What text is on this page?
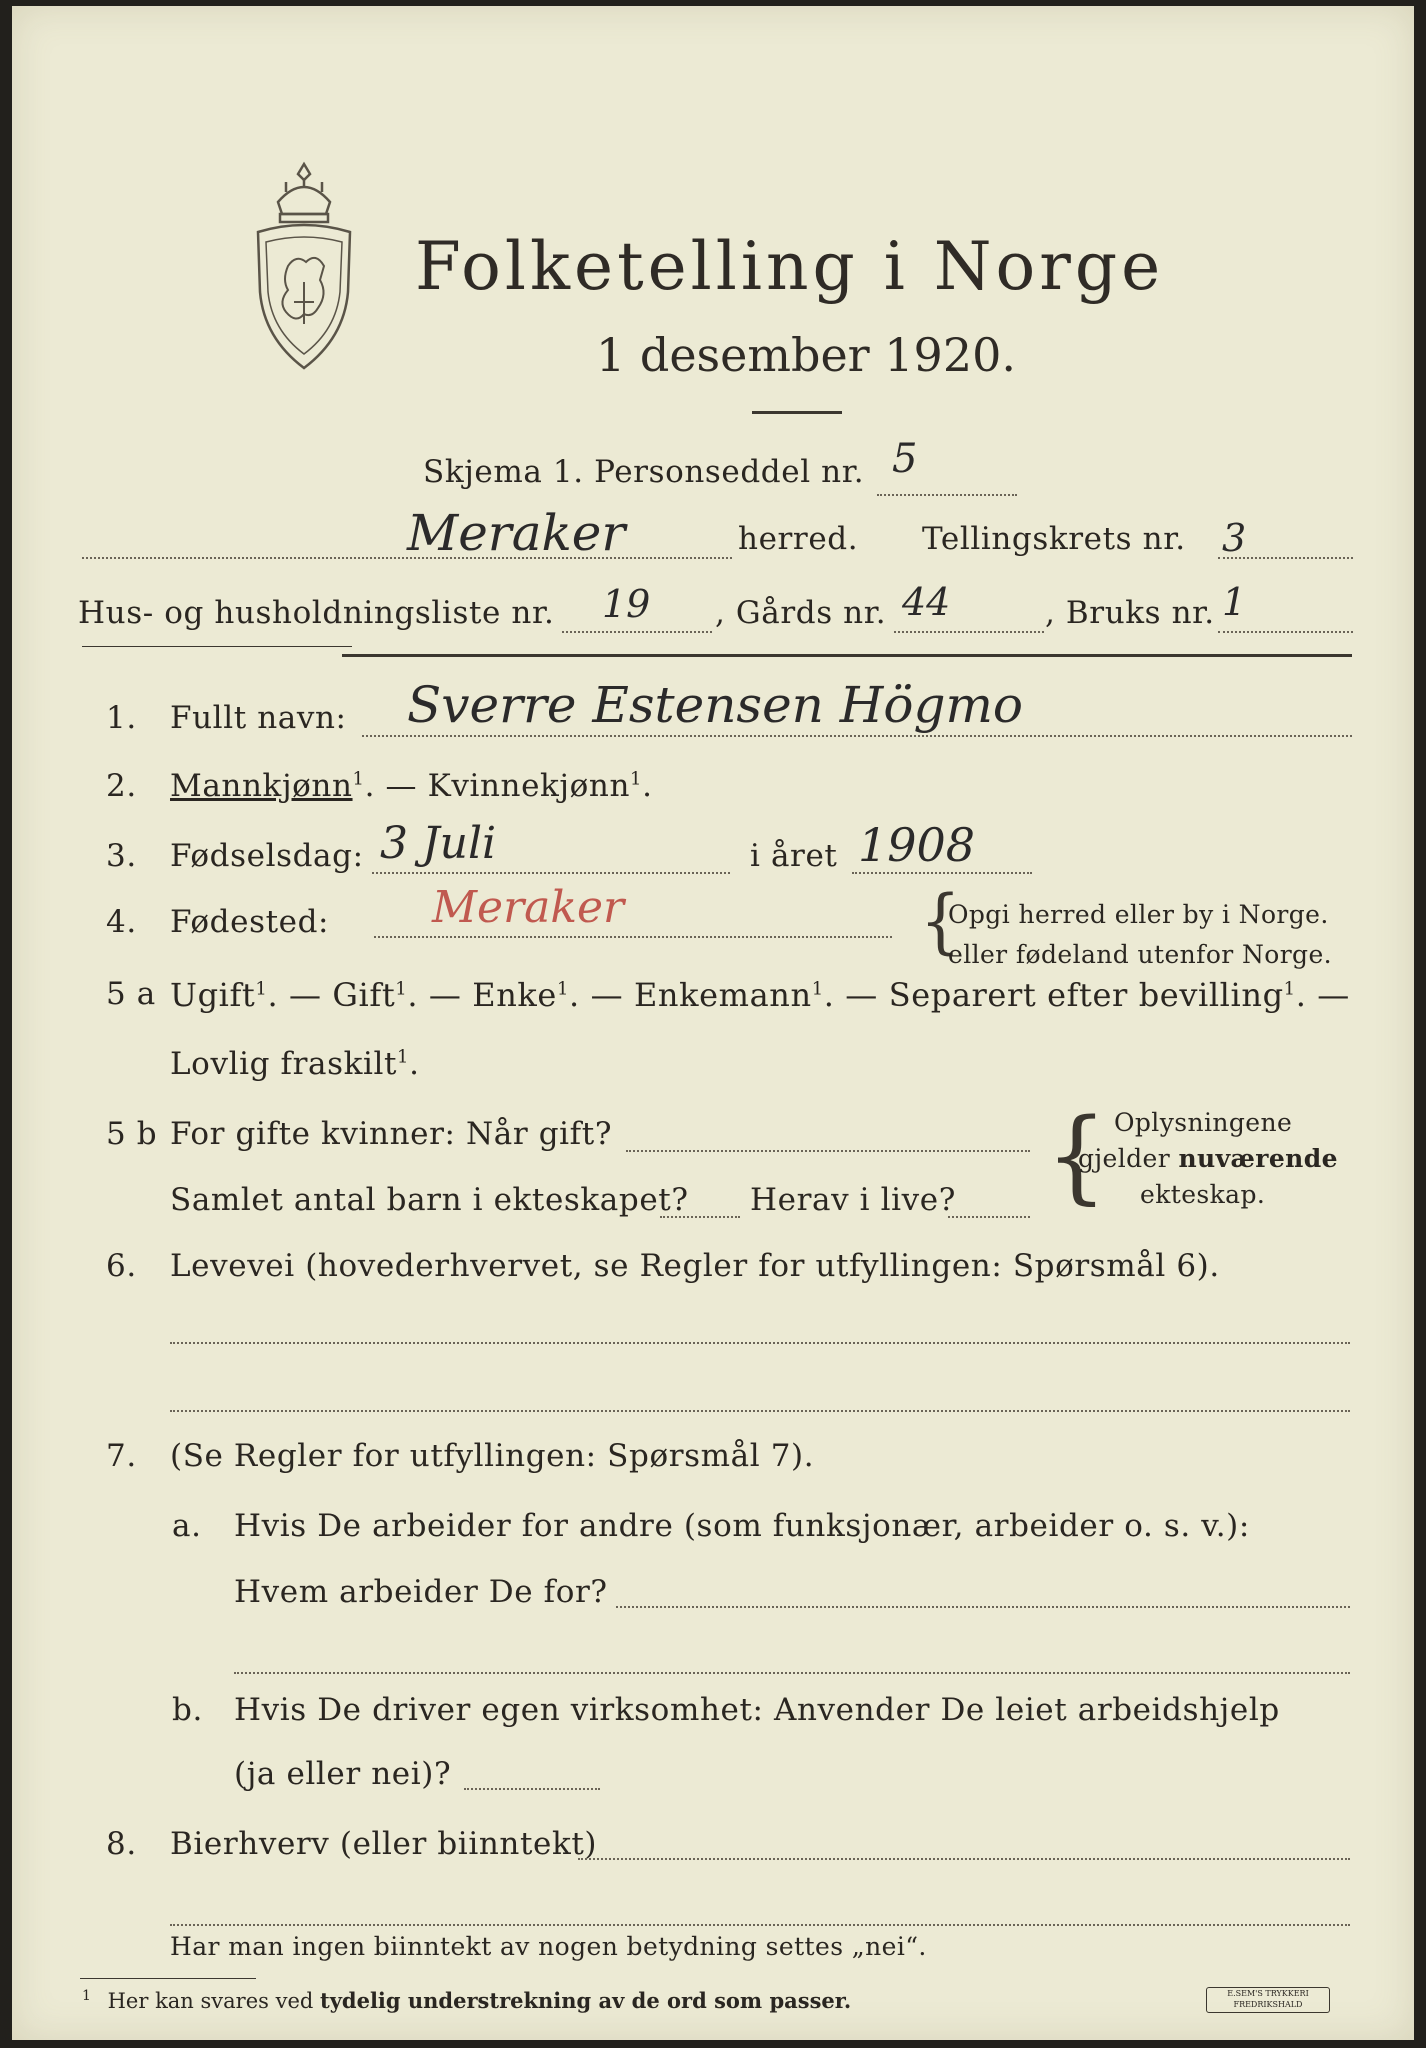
Folketelling i Norge
1 desember 1920.
Skjema 1. Personseddel nr. 5
Meraker	herred. Tellingskrets nr. 3
Hus- og husholdningsliste nr. 19 , Gårds nr. 44	, Bruks nr. 1
1. Fullt navn: Sverre Estensen Högmo
2. Mannkjønn$^1$. — Kvinnekjønn$^1$.
3. Fødselsdag: 3 Juli	i året 1908
4. Fødested: Meraker	{
Opgi herred eller by i Norge.
eller fødeland utenfor Norge.
5 a Ugift$^1$. — Gift$^1$. — Enke$^1$. — Enkemann$^1$. — Separert efter bevilling$^1$. —
Lovlig fraskilt$^1$.
5 b For gifte kvinner: Når gift?
Samlet antal barn i ekteskapet? Herav i live? { Oplysningene
gjelder nuværende
ekteskap.
6. Levevei (hovederhvervet, se Regler for utfyllingen: Spørsmål 6).
7. (Se Regler for utfyllingen: Spørsmål 7).
a. Hvis De arbeider for andre (som funksjonær, arbeider o. s. v.):
Hvem arbeider De for?
b. Hvis De driver egen virksomhet: Anvender De leiet arbeidshjelp
(ja eller nei)?
8. Bierhverv (eller biinntekt)
Har man ingen biinntekt av nogen betydning settes „nei“.
$^1$ Her kan svares ved tydelig understrekning av de ord som passer.	E.SEM'S TRYKKERI FREDRIKSHALD
